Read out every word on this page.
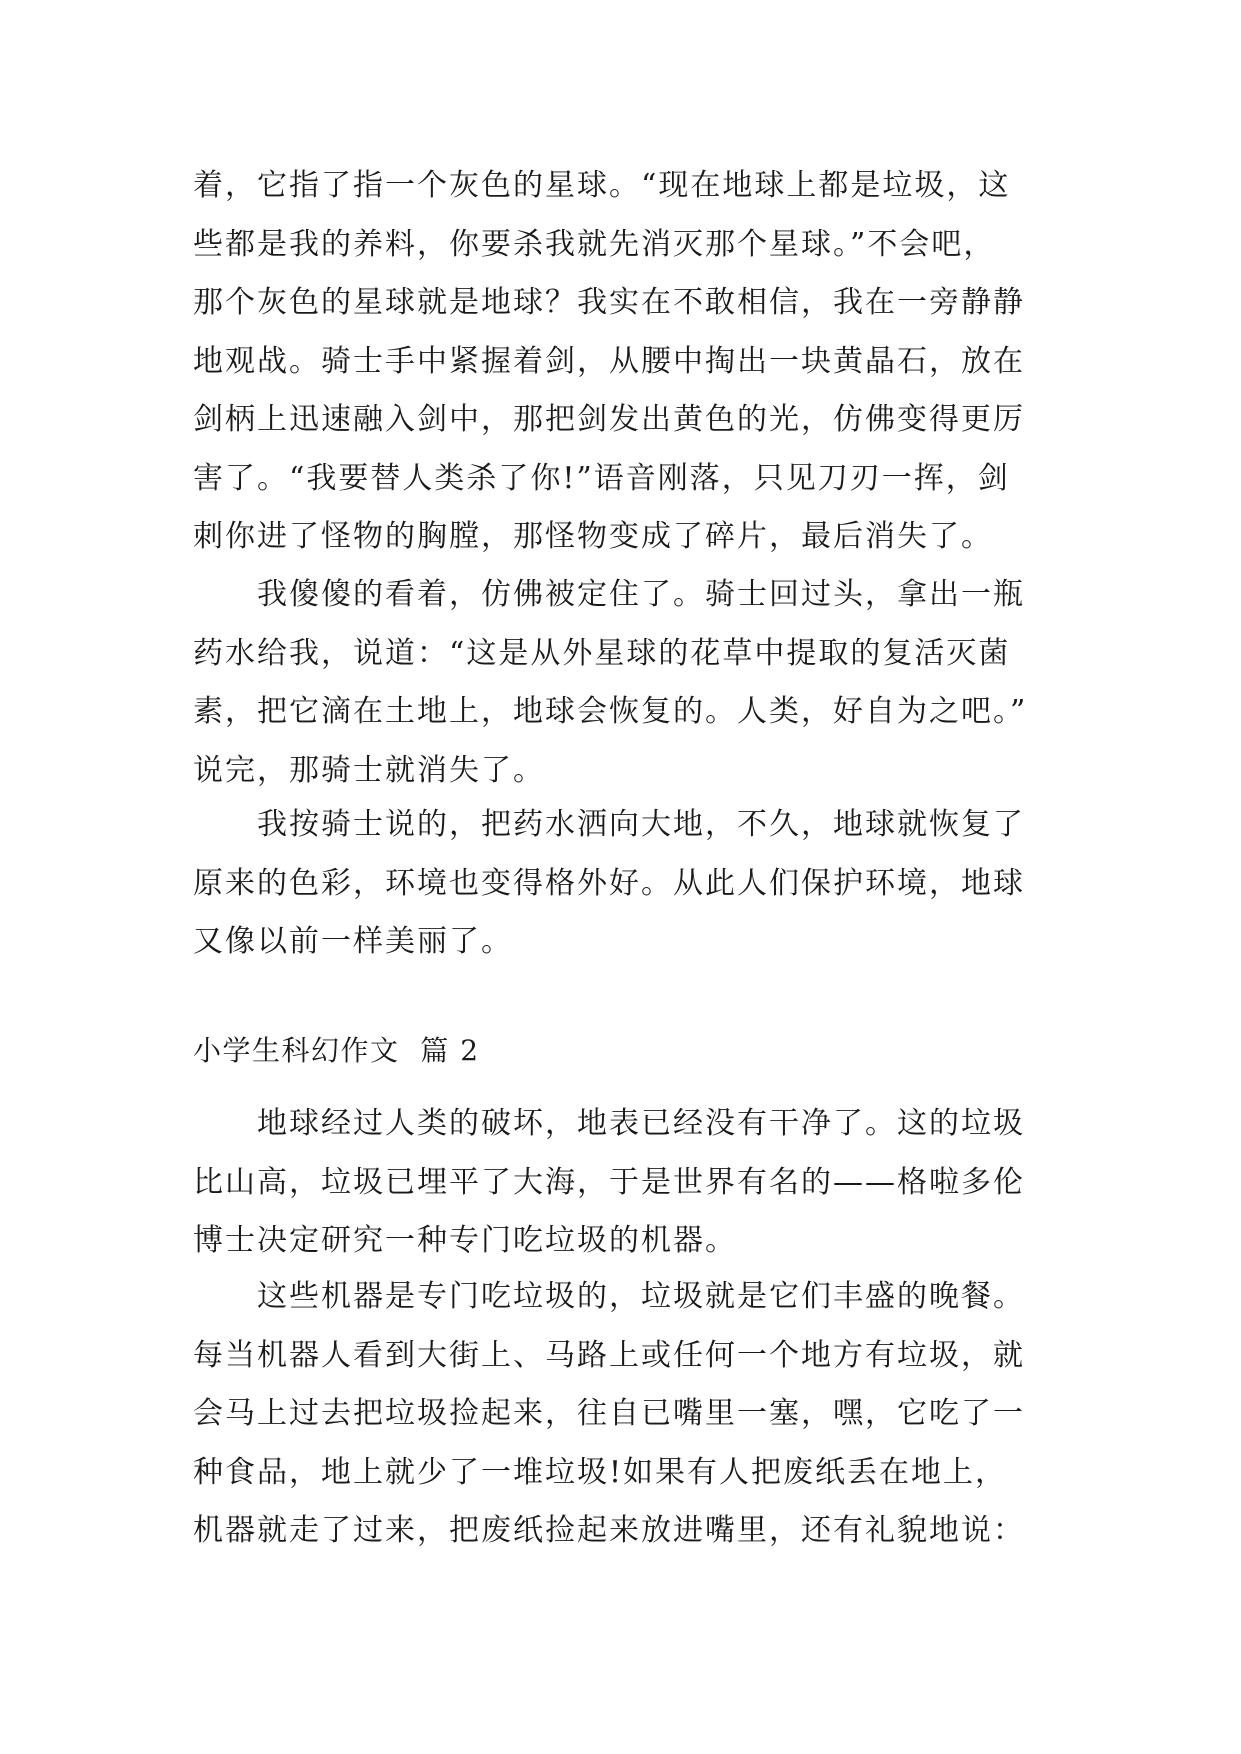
着，它指了指一个灰色的星球。“现在地球上都是垃圾，这
些都是我的养料，你要杀我就先消灭那个星球。”不会吧，
那个灰色的星球就是地球？我实在不敢相信，我在一旁静静
地观战。骑士手中紧握着剑，从腰中掏出一块黄晶石，放在
剑柄上迅速融入剑中，那把剑发出黄色的光，仿佛变得更厉
害了。“我要替人类杀了你!”语音刚落，只见刀刃一挥，剑
刺你进了怪物的胸膛，那怪物变成了碎片，最后消失了。
我傻傻的看着，仿佛被定住了。骑士回过头，拿出一瓶
药水给我，说道：“这是从外星球的花草中提取的复活灭菌
素，把它滴在土地上，地球会恢复的。人类，好自为之吧。”
说完，那骑士就消失了。
我按骑士说的，把药水洒向大地，不久，地球就恢复了
原来的色彩，环境也变得格外好。从此人们保护环境，地球
又像以前一样美丽了。
小学生科幻作文  篇 2
地球经过人类的破坏，地表已经没有干净了。这的垃圾
比山高，垃圾已埋平了大海，于是世界有名的——格啦多伦
博士决定研究一种专门吃垃圾的机器。
这些机器是专门吃垃圾的，垃圾就是它们丰盛的晚餐。
每当机器人看到大街上、马路上或任何一个地方有垃圾，就
会马上过去把垃圾捡起来，往自已嘴里一塞，嘿，它吃了一
种食品，地上就少了一堆垃圾!如果有人把废纸丢在地上，
机器就走了过来，把废纸捡起来放进嘴里，还有礼貌地说：
